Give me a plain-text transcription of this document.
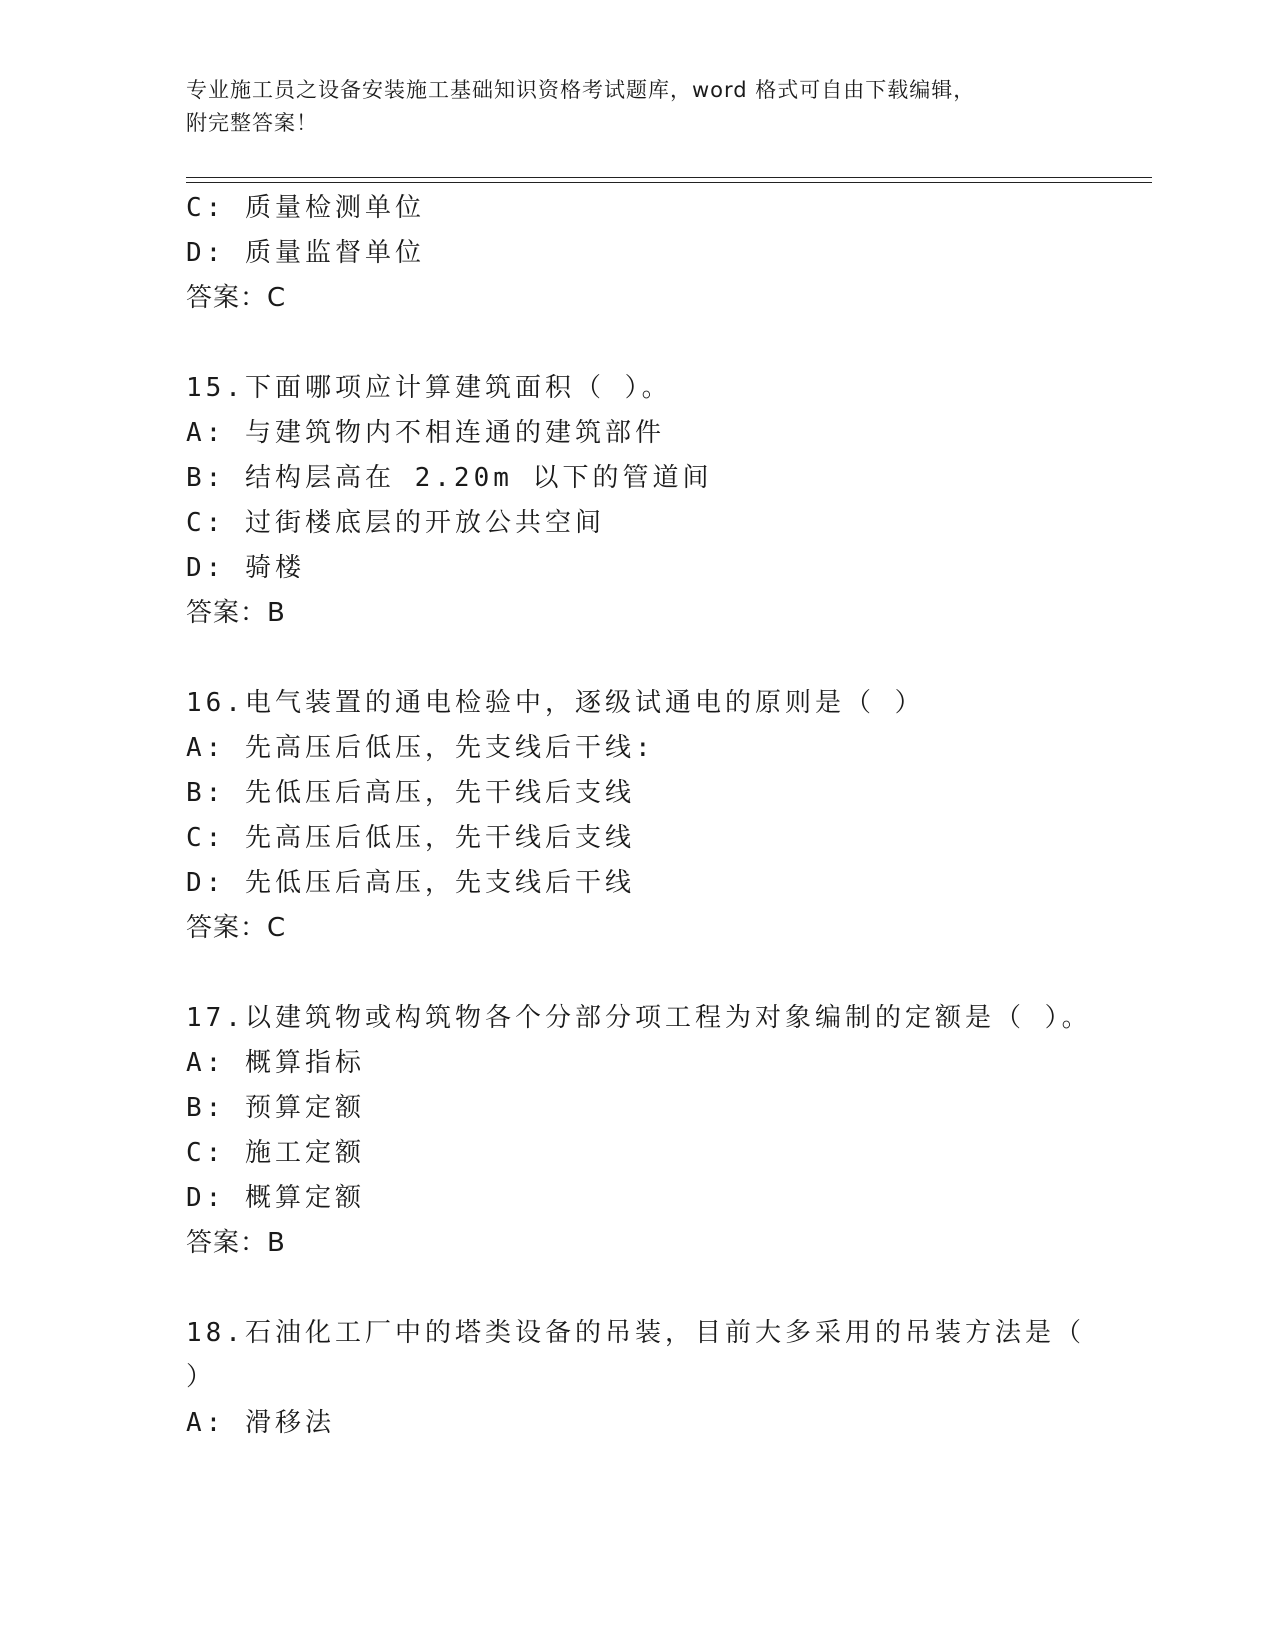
专业施工员之设备安装施工基础知识资格考试题库，word 格式可自由下载编辑，
附完整答案！
C: 质量检测单位
D: 质量监督单位
答案：C
15.下面哪项应计算建筑面积（ ）。
A: 与建筑物内不相连通的建筑部件
B: 结构层高在 2.20m 以下的管道间
C: 过街楼底层的开放公共空间
D: 骑楼
答案：B
16.电气装置的通电检验中，逐级试通电的原则是（ ）
A: 先高压后低压，先支线后干线:
B: 先低压后高压，先干线后支线
C: 先高压后低压，先干线后支线
D: 先低压后高压，先支线后干线
答案：C
17.以建筑物或构筑物各个分部分项工程为对象编制的定额是（ ）。
A: 概算指标
B: 预算定额
C: 施工定额
D: 概算定额
答案：B
18.石油化工厂中的塔类设备的吊装，目前大多采用的吊装方法是（
）
A: 滑移法
